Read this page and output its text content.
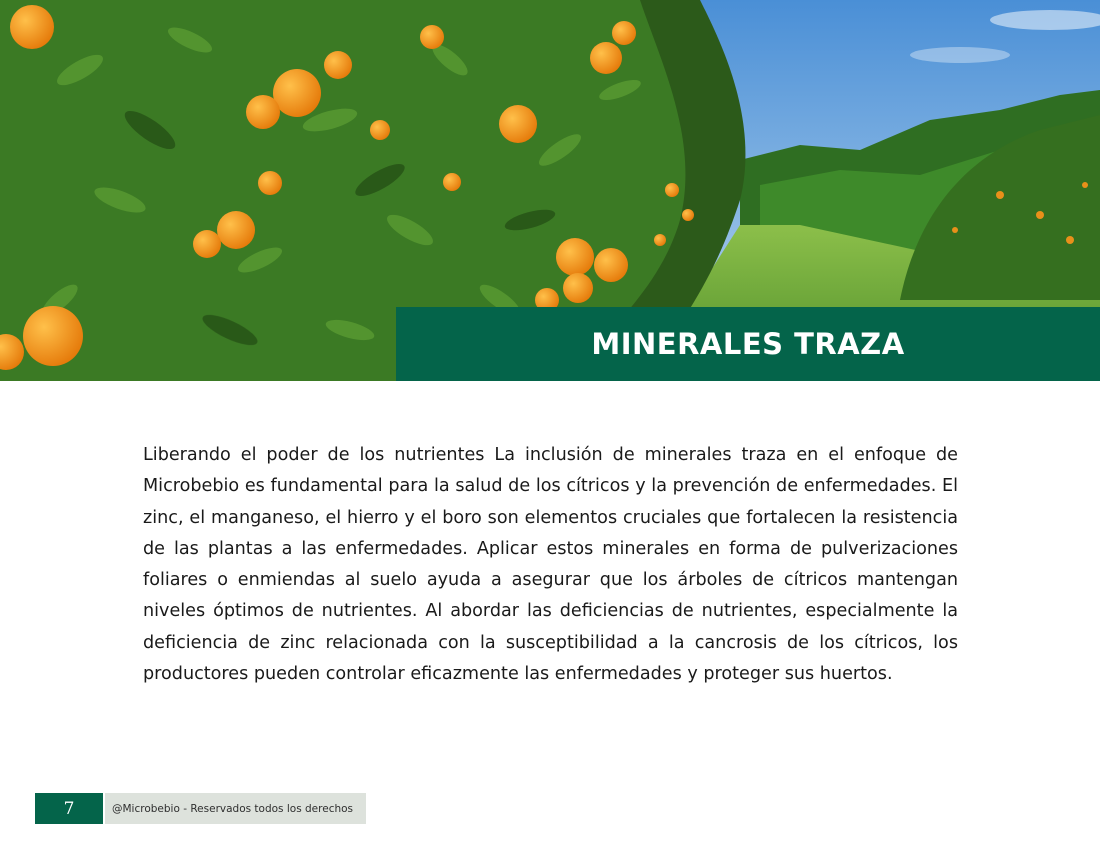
MINERALES TRAZA

Liberando el poder de los nutrientes La inclusión de minerales traza en el enfoque de Microbebio es fundamental para la salud de los cítricos y la prevención de enfermedades. El zinc, el manganeso, el hierro y el boro son elementos cruciales que fortalecen la resistencia de las plantas a las enfermedades. Aplicar estos minerales en forma de pulverizaciones foliares o enmiendas al suelo ayuda a asegurar que los árboles de cítricos mantengan niveles óptimos de nutrientes. Al abordar las deficiencias de nutrientes, especialmente la deficiencia de zinc relacionada con la susceptibilidad a la cancrosis de los cítricos, los productores pueden controlar eficazmente las enfermedades y proteger sus huertos.

7	@Microbebio - Reservados todos los derechos
